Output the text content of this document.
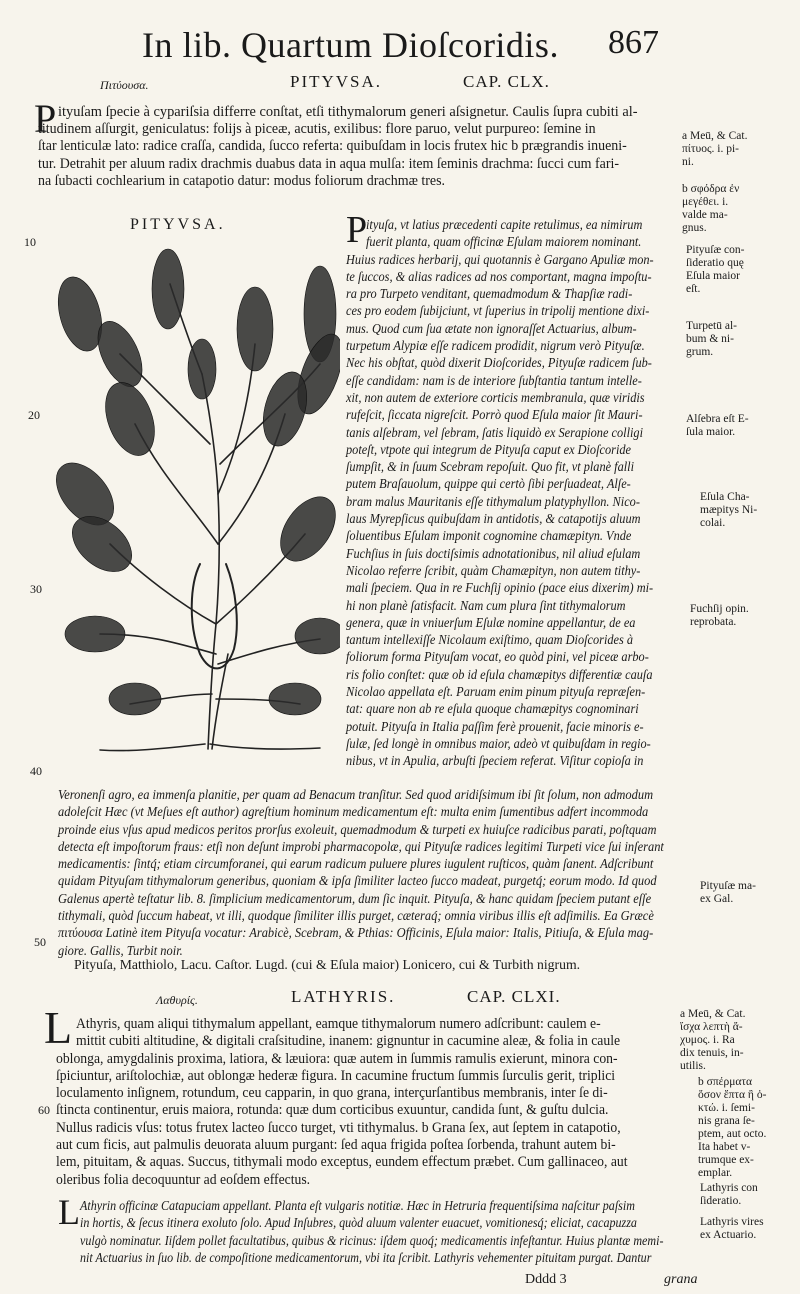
In lib. Quartum Dioſcoridis. 867
Πιτύουσα.	PITYVSA.	CAP. CLX.
P ityuſam ſpecie à cypariſsia differre conſtat, etſi tithymalorum generi aſsignetur. Caulis ſupra cubiti al-
titudinem aſſurgit, geniculatus: folijs à piceæ, acutis, exilibus: flore paruo, velut purpureo: ſemine in
ſtar lenticulæ lato: radice craſſa, candida, ſucco referta: quibuſdam in locis frutex hic b prægrandis inueni-
tur. Detrahit per aluum radix drachmis duabus data in aqua mulſa: item ſeminis drachma: ſucci cum fari-
na ſubacti cochlearium in catapotio datur: modus foliorum drachmæ tres.
PITYVSA.	P
ityuſa, vt latius præcedenti capite retulimus, ea nimirum
fuerit planta, quam officinæ Eſulam maiorem nominant.
Huius radices herbarij, qui quotannis è Gargano Apuliæ mon-
te ſuccos, & alias radices ad nos comportant, magna impoſtu-
ra pro Turpeto venditant, quemadmodum & Thapſiæ radi-
ces pro eodem ſubijciunt, vt ſuperius in tripolij mentione dixi-
mus. Quod cum ſua ætate non ignoraſſet Actuarius, album-
turpetum Alypiæ eſſe radicem prodidit, nigrum verò Pityuſæ.
Nec his obſtat, quòd dixerit Dioſcorides, Pityuſæ radicem ſub-
eſſe candidam: nam is de interiore ſubſtantia tantum intelle-
xit, non autem de exteriore corticis membranula, quæ viridis
rufeſcit, ſiccata nigreſcit. Porrò quod Eſula maior ſit Mauri-
tanis alſebram, vel ſebram, ſatis liquidò ex Serapione colligi
poteſt, vtpote qui integrum de Pityuſa caput ex Dioſcoride
ſumpſit, & in ſuum Scebram repoſuit. Quo fit, vt planè falli
putem Braſauolum, quippe qui certò ſibi perſuadeat, Alſe-
bram malus Mauritanis eſſe tithymalum platyphyllon. Nico-
laus Myrepſicus quibuſdam in antidotis, & catapotijs aluum
ſoluentibus Eſulam imponit cognomine chamæpityn. Vnde
Fuchſius in ſuis doctiſsimis adnotationibus, nil aliud eſulam
Nicolao referre ſcribit, quàm Chamæpityn, non autem tithy-
mali ſpeciem. Qua in re Fuchſij opinio (pace eius dixerim) mi-
hi non planè ſatisfacit. Nam cum plura ſint tithymalorum
genera, quæ in vniuerſum Eſulæ nomine appellantur, de ea
tantum intellexiſſe Nicolaum exiſtimo, quam Dioſcorides à
foliorum forma Pityuſam vocat, eo quòd pini, vel piceæ arbo-
ris folio conſtet: quæ ob id eſula chamæpitys differentiæ cauſa
Nicolao appellata eſt. Paruam enim pinum pityuſa repræſen-
tat: quare non ab re eſula quoque chamæpitys cognominari
potuit. Pityuſa in Italia paſſim ferè prouenit, facie minoris e-
ſulæ, ſed longè in omnibus maior, adeò vt quibuſdam in regio-
nibus, vt in Apulia, arbuſti ſpeciem referat. Viſitur copioſa in
Veronenſi agro, ea immenſa planitie, per quam ad Benacum tranſitur. Sed quod aridiſsimum ibi ſit ſolum, non admodum
adoleſcit Hæc (vt Meſues eſt author) agreſtium hominum medicamentum eſt: multa enim ſumentibus adfert incommoda
proinde eius vſus apud medicos peritos prorſus exoleuit, quemadmodum & turpeti ex huiuſce radicibus parati, poſtquam
detecta eſt impoſtorum fraus: etſi non deſunt improbi pharmacopolæ, qui Pityuſæ radices legitimi Turpeti vice ſui inſerant
medicamentis: ſintq́; etiam circumforanei, qui earum radicum puluere plures iugulent ruſticos, quàm ſanent. Adſcribunt
quidam Pityuſam tithymalorum generibus, quoniam & ipſa ſimiliter lacteo ſucco madeat, purgetq́; eorum modo. Id quod
Galenus apertè teſtatur lib. 8. ſimplicium medicamentorum, dum ſic inquit. Pityuſa, & hanc quidam ſpeciem putant eſſe
tithymali, quòd ſuccum habeat, vt illi, quodque ſimiliter illis purget, cæteraq́; omnia viribus illis eſt adſimilis. Ea Græcè
πιτύουσα Latinè item Pityuſa vocatur: Arabicè, Scebram, & Pthias: Officinis, Eſula maior: Italis, Pitiuſa, & Eſula mag-
giore. Gallis, Turbit noir.
Pityuſa, Matthiolo, Lacu. Caſtor. Lugd. (cui & Eſula maior) Lonicero, cui & Turbith nigrum.
Λαθυρίς.	LATHYRIS.	CAP. CLXI.
L Athyris, quam aliqui tithymalum appellant, eamque tithymalorum numero adſcribunt: caulem e-
mittit cubiti altitudine, & digitali craſsitudine, inanem: gignuntur in cacumine aleæ, & folia in caule
oblonga, amygdalinis proxima, latiora, & læuiora: quæ autem in ſummis ramulis exierunt, minora con-
ſpiciuntur, ariſtolochiæ, aut oblongæ hederæ figura. In cacumine fructum ſummis ſurculis gerit, triplici
loculamento inſignem, rotundum, ceu capparin, in quo grana, interçurſantibus membranis, inter ſe di-
ſtincta continentur, eruis maiora, rotunda: quæ dum corticibus exuuntur, candida ſunt, & guſtu dulcia.
Nullus radicis vſus: totus frutex lacteo ſucco turget, vti tithymalus. b Grana ſex, aut ſeptem in catapotio,
aut cum ficis, aut palmulis deuorata aluum purgant: ſed aqua frigida poſtea ſorbenda, trahunt autem bi-
lem, pituitam, & aquas. Succus, tithymali modo exceptus, eundem effectum præbet. Cum gallinaceo, aut
oleribus folia decoquuntur ad eoſdem effectus.
L Athyrin officinæ Catapuciam appellant. Planta eſt vulgaris notitiæ. Hæc in Hetruria frequentiſsima naſcitur paſsim
in hortis, & ſecus itinera exoluto ſolo. Apud Inſubres, quòd aluum valenter euacuet, vomitionesq́; eliciat, cacapuzza
vulgò nominatur. Iiſdem pollet facultatibus, quibus & ricinus: iſdem quoq́; medicamentis infeſtantur. Huius plantæ memi-
nit Actuarius in ſuo lib. de compoſitione medicamentorum, vbi ita ſcribit. Lathyris vehementer pituitam purgat. Dantur
Dddd 3	grana
10
20
30
40
50
60
a Meū, & Cat.
πίτυος. i. pi-
ni.
b σφόδρα ἐν
μεγέθει. i.
valde ma-
gnus.
Pityuſæ con-
ſideratio quę
Eſula maior
eſt.
Turpetū al-
bum & ni-
grum.
Alſebra eſt E-
ſula maior.
Eſula Cha-
mæpitys Ni-
colai.
Fuchſij opin.
reprobata.
Pityuſæ ma-
ex Gal.
a Meū, & Cat.
ἴσχα λεπτὴ ἄ-
χυμος. i. Ra
dix tenuis, in-
utilis.
b σπέρματα
ὅσον ἕπτα ἢ ὀ-
κτώ. i. ſemi-
nis grana ſe-
ptem, aut octo.
Ita habet v-
trumque ex-
emplar.
Lathyris con
ſideratio.
Lathyris vires
ex Actuario.
